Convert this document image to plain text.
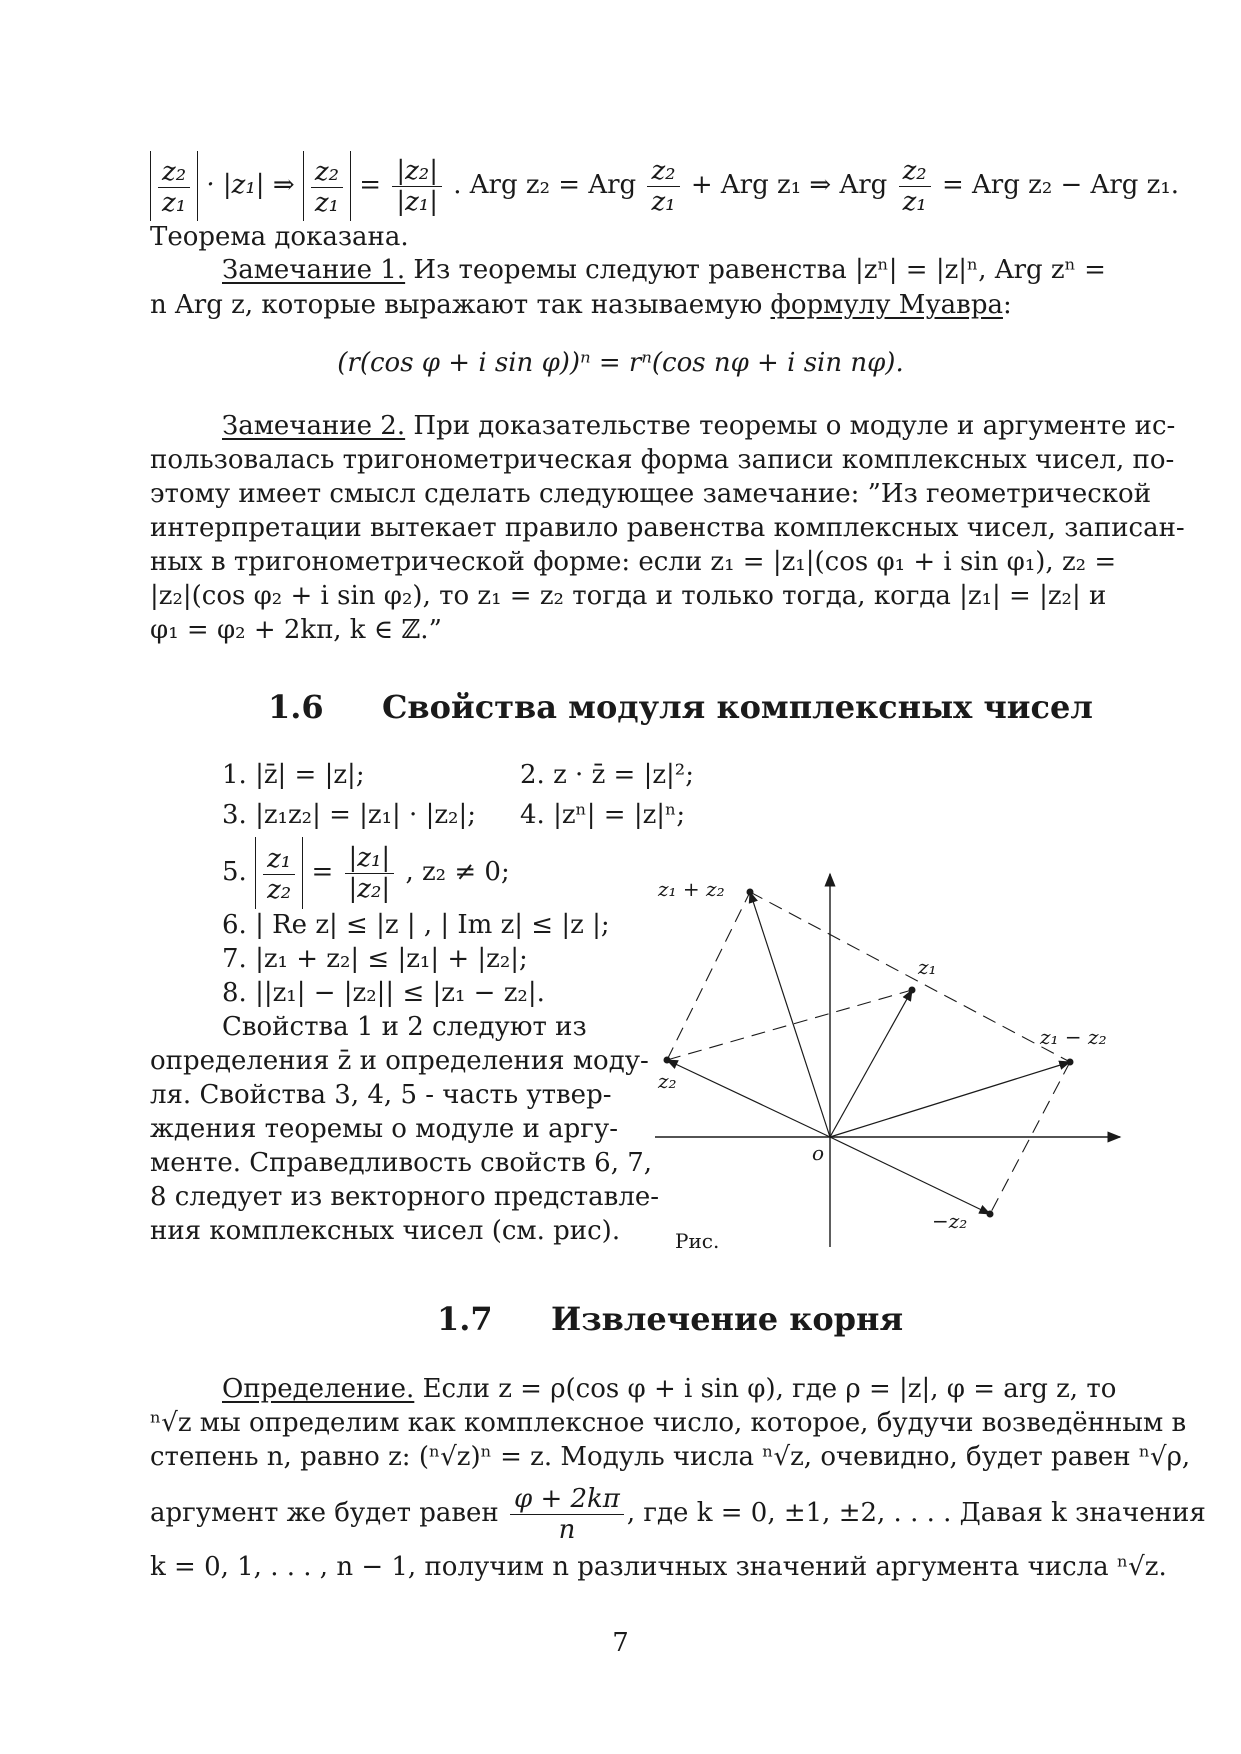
$\frac{\text{z₂}}{\text{z₁}} \cdot |z_1|$ ⇒ $\frac{\text{z₂}}{\text{z₁}} = \frac{\text{|z₂|}}{\text{|z₁|}}$ . Arg z₂ = Arg $\frac{\text{z₂}}{\text{z₁}}$ + Arg z₁ ⇒ Arg $\frac{\text{z₂}}{\text{z₁}}$ = Arg z₂ − Arg z₁.
Теорема доказана.
Замечание 1. Из теоремы следуют равенства |zⁿ| = |z|ⁿ, Arg zⁿ =
n Arg z, которые выражают так называемую формулу Муавра:
(r(cos φ + i sin φ))ⁿ = rⁿ(cos nφ + i sin nφ).
Замечание 2. При доказательстве теоремы о модуле и аргументе ис-
пользовалась тригонометрическая форма записи комплексных чисел, по-
этому имеет смысл сделать следующее замечание: ”Из геометрической
интерпретации вытекает правило равенства комплексных чисел, записан-
ных в тригонометрической форме: если z₁ = |z₁|(cos φ₁ + i sin φ₁), z₂ =
|z₂|(cos φ₂ + i sin φ₂), то z₁ = z₂ тогда и только тогда, когда |z₁| = |z₂| и
φ₁ = φ₂ + 2kπ, k ∈ ℤ.”
1.6 Свойства модуля комплексных чисел
1. |z̄| = |z|;	2. z · z̄ = |z|²;
3. |z₁z₂| = |z₁| · |z₂|; 4. |zⁿ| = |z|ⁿ;
5. $\frac{\text{z₁}}{\text{z₂}} = \frac{\text{|z₁|}}{\text{|z₂|}}$ , z₂ ≠ 0;
6. | Re z| ≤ |z | , | Im z| ≤ |z |;
7. |z₁ + z₂| ≤ |z₁| + |z₂|;
8. ||z₁| − |z₂|| ≤ |z₁ − z₂|.
Свойства 1 и 2 следуют из
определения z̄ и определения моду-
ля. Свойства 3, 4, 5 - часть утвер-
ждения теоремы о модуле и аргу-
менте. Справедливость свойств 6, 7,
8 следует из векторного представле-
ния комплексных чисел (см. рис).
z₁ + z₂
z₁
z₁ − z₂
z₂
o
−z₂
Рис.
1.7 Извлечение корня
Определение. Если z = ρ(cos φ + i sin φ), где ρ = |z|, φ = arg z, то
ⁿ√z мы определим как комплексное число, которое, будучи возведённым в
степень n, равно z: (ⁿ√z)ⁿ = z. Модуль числа ⁿ√z, очевидно, будет равен ⁿ√ρ,
аргумент же будет равен $\frac{\varphi + 2k\pi}{n}$ , где k = 0, ±1, ±2, . . . . Давая k значения
k = 0, 1, . . . , n − 1, получим n различных значений аргумента числа ⁿ√z.
7
